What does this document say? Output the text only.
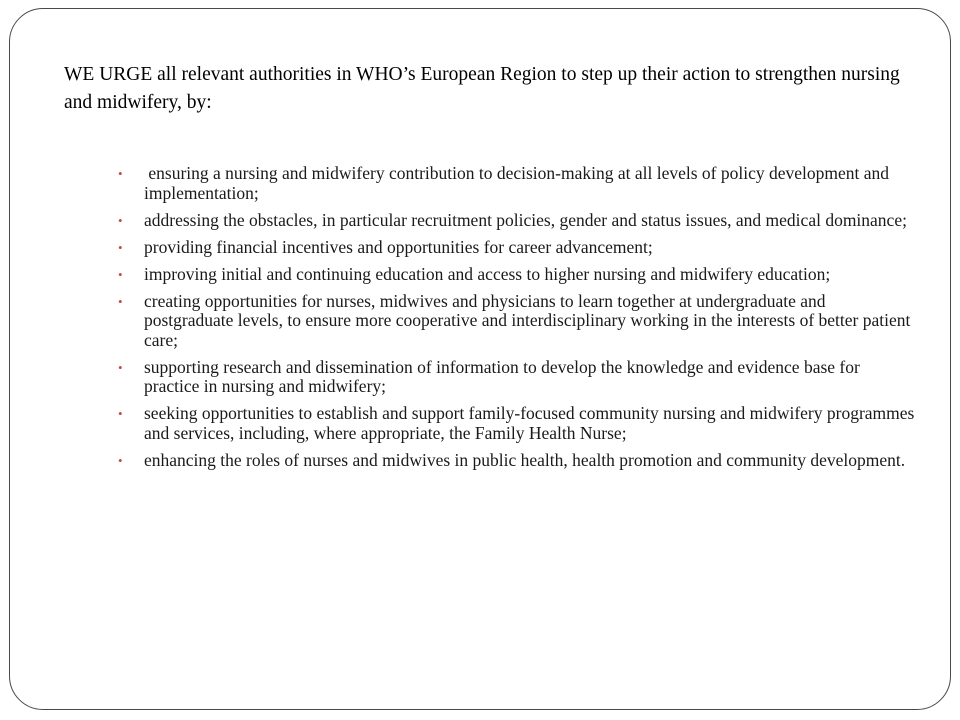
WE URGE all relevant authorities in WHO’s European Region to step up their action to strengthen nursing and midwifery, by:
• ensuring a nursing and midwifery contribution to decision-making at all levels of policy development and implementation;
• addressing the obstacles, in particular recruitment policies, gender and status issues, and medical dominance;
• providing financial incentives and opportunities for career advancement;
• improving initial and continuing education and access to higher nursing and midwifery education;
• creating opportunities for nurses, midwives and physicians to learn together at undergraduate and postgraduate levels, to ensure more cooperative and interdisciplinary working in the interests of better patient care;
• supporting research and dissemination of information to develop the knowledge and evidence base for practice in nursing and midwifery;
• seeking opportunities to establish and support family-focused community nursing and midwifery programmes and services, including, where appropriate, the Family Health Nurse;
• enhancing the roles of nurses and midwives in public health, health promotion and community development.
